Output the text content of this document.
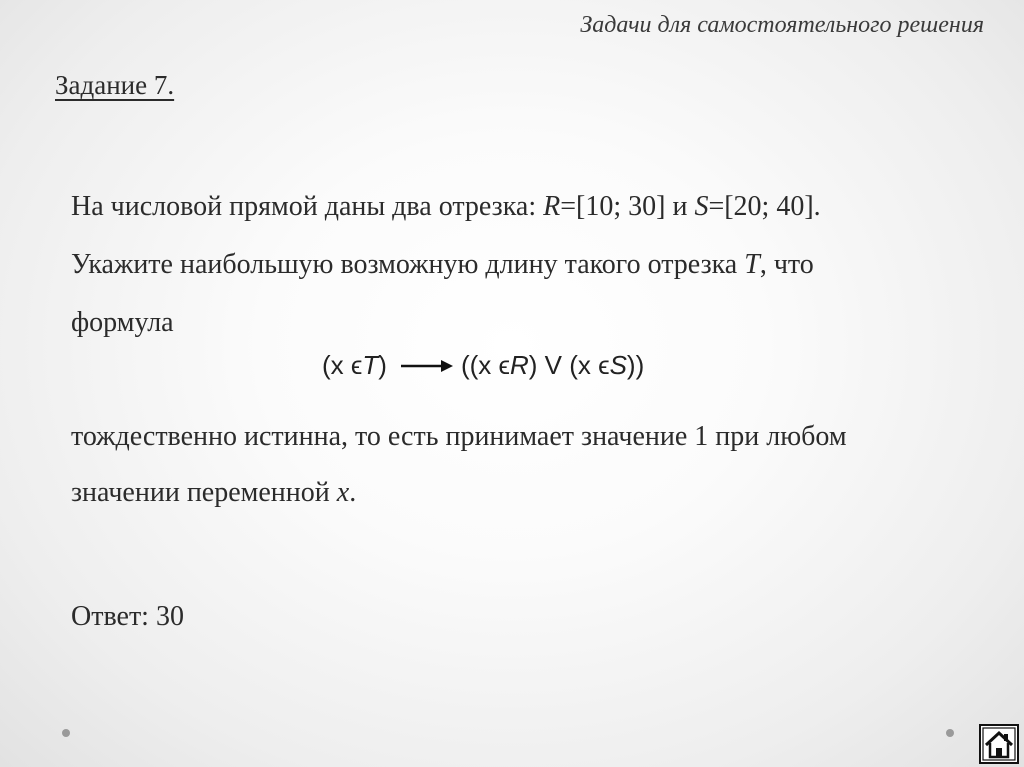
Задачи для самостоятельного решения
Задание 7.
На числовой прямой даны два отрезка: R=[10; 30] и S=[20; 40].
Укажите наибольшую возможную длину такого отрезка T, что
формула
(x ϵ T )	((x ϵ R ) V (x ϵ S ))
тождественно истинна, то есть принимает значение 1 при любом
значении переменной x.
Ответ: 30
